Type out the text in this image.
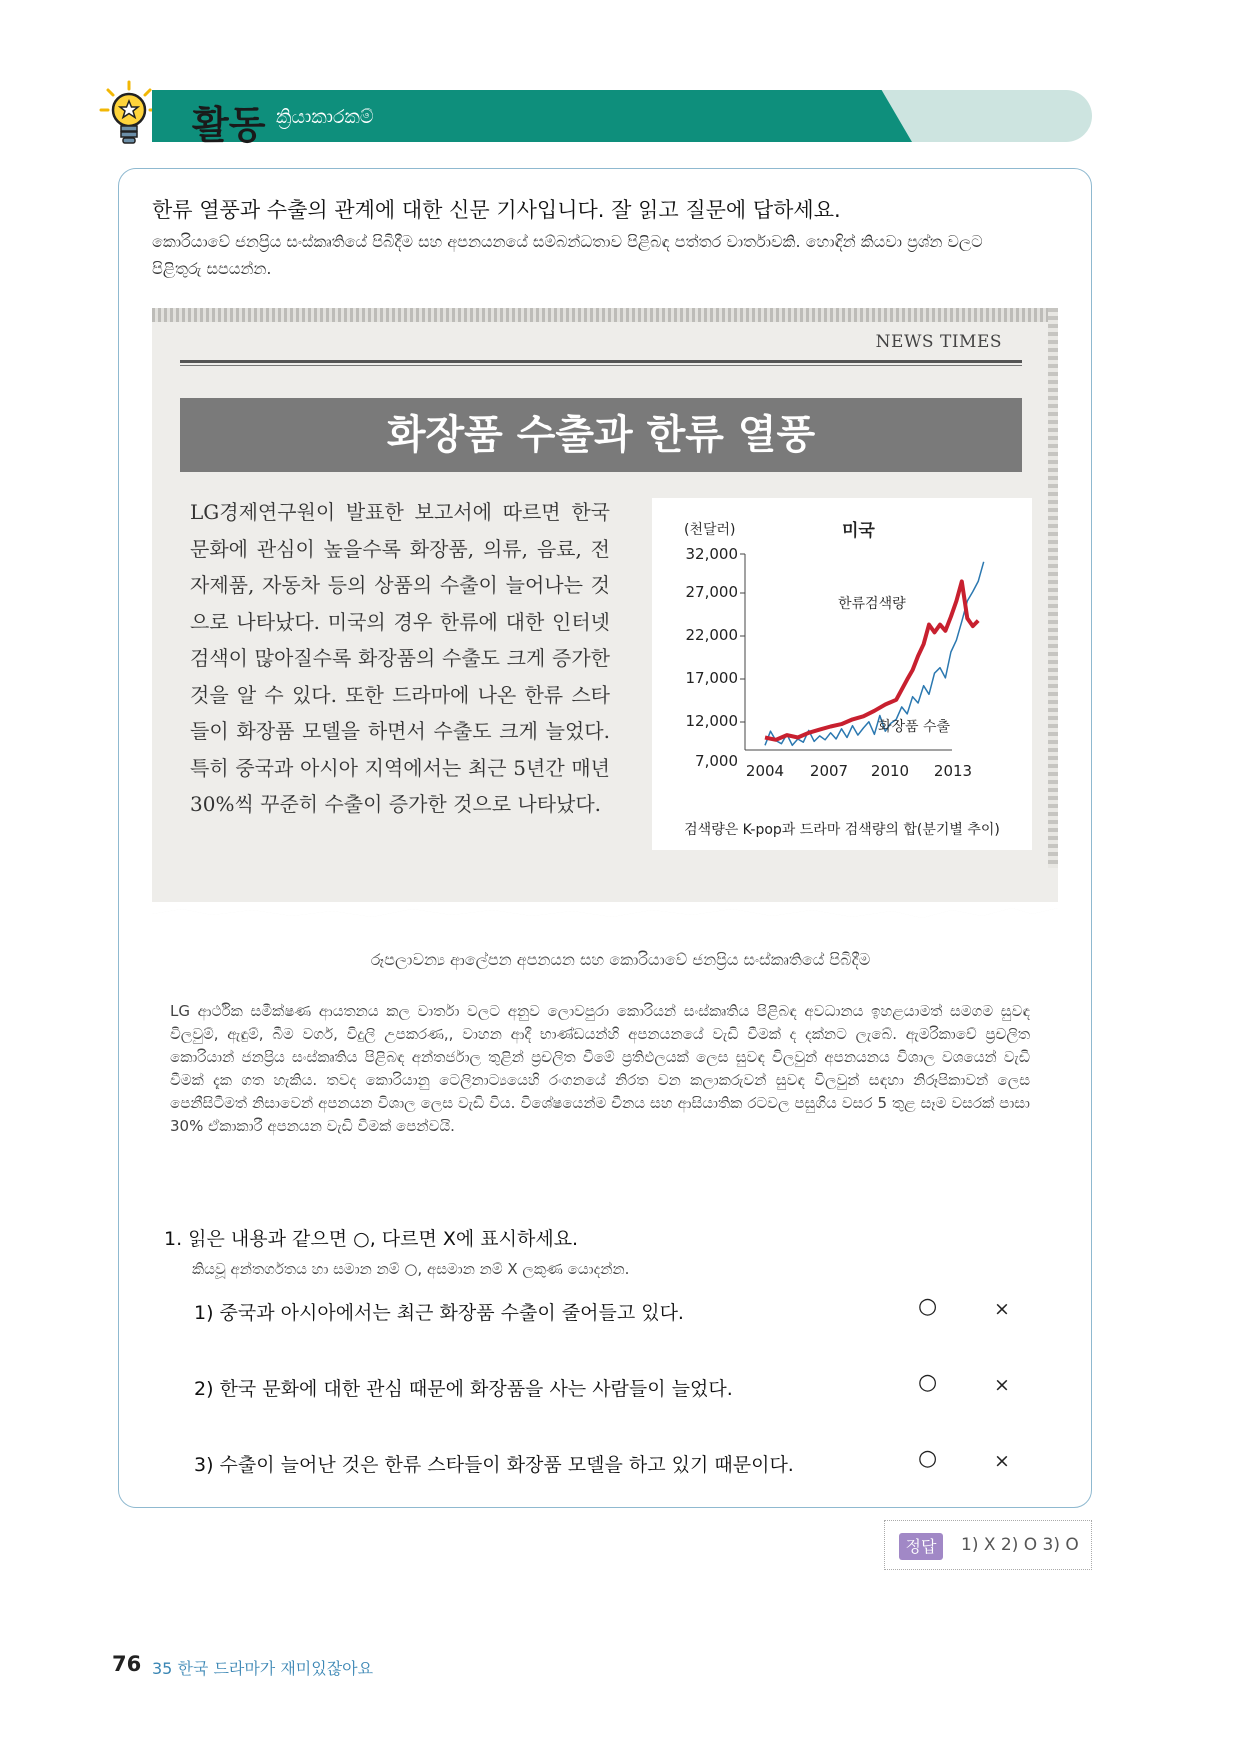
활동 ක්‍රියාකාරකම්
한류 열풍과 수출의 관계에 대한 신문 기사입니다. 잘 읽고 질문에 답하세요.
කොරියාවේ ජනප්‍රිය සංස්කෘතියේ පිබිදීම සහ අපනයනයේ සම්බන්ධතාව පිළිබඳ පත්තර වාර්තාවකි. හොඳින් කියවා ප්‍රශ්න වලට පිළිතුරු සපයන්න.
NEWS TIMES
화장품 수출과 한류 열풍
LG경제연구원이 발표한 보고서에 따르면 한국 문화에 관심이 높을수록 화장품, 의류, 음료, 전자제품, 자동차 등의 상품의 수출이 늘어나는 것으로 나타났다. 미국의 경우 한류에 대한 인터넷 검색이 많아질수록 화장품의 수출도 크게 증가한 것을 알 수 있다. 또한 드라마에 나온 한류 스타들이 화장품 모델을 하면서 수출도 크게 늘었다. 특히 중국과 아시아 지역에서는 최근 5년간 매년 30%씩 꾸준히 수출이 증가한 것으로 나타났다.
(천달러)	미국
32,000
27,000
22,000
17,000
12,000
7,000
2004 2007 2010 2013
한류검색량
화장품 수출
검색량은 K-pop과 드라마 검색량의 합(분기별 추이)
රූපලාවන්‍ය ආලේපන අපනයන සහ කොරියාවේ ජනප්‍රිය සංස්කෘතියේ පිබිදීම
LG ආර්ථික සමීක්ෂණ ආයතනය කල වාර්තා වලට අනුව ලොවපුරා කොරියන් සංස්කෘතිය පිළිබඳ අවධානය ඉහළයාමත් සමගම සුවඳ විලවුම්, ඇඳුම්, බීම වර්ග, විදුලි උපකරණ,, වාහන ආදී භාණ්ඩයන්හි අපනයනයේ වැඩි වීමක් ද දක්නට ලැබේ. ඇමරිකාවේ ප්‍රචලිත කොරියාන් ජනප්‍රිය සංස්කෘතිය පිළිබඳ අන්තර්ජාල තුළින් ප්‍රචලිත වීමේ ප්‍රතිඵලයක් ලෙස සුවඳ විලවුන් අපනයනය විශාල වශයෙන් වැඩි වීමක් දැක ගත හැකිය. තවද කොරියානු ටෙලිනාට්‍යයෙහි රංගනයේ නිරත වන කලාකරුවන් සුවඳ විලවුන් සඳහා නිරූපිකාවන් ලෙස පෙනීසිටීමත් නිසාවෙන් අපනයන විශාල ලෙස වැඩි විය. විශේෂයෙන්ම චීනය සහ ආසියාතික රටවල පසුගිය වසර 5 තුළ සෑම වසරක් පාසා 30% ඒකාකාරී අපනයන වැඩි වීමක් පෙන්වයි.
1. 읽은 내용과 같으면 ○, 다르면 X에 표시하세요.
කියවූ අන්තර්ගතය හා සමාන නම් ○, අසමාන නම් X ලකුණ යොදන්න.
1) 중국과 아시아에서는 최근 화장품 수출이 줄어들고 있다.	○	×
2) 한국 문화에 대한 관심 때문에 화장품을 사는 사람들이 늘었다.	○	×
3) 수출이 늘어난 것은 한류 스타들이 화장품 모델을 하고 있기 때문이다.	○	×
정답	1) X 2) O 3) O
76 35 한국 드라마가 재미있잖아요
